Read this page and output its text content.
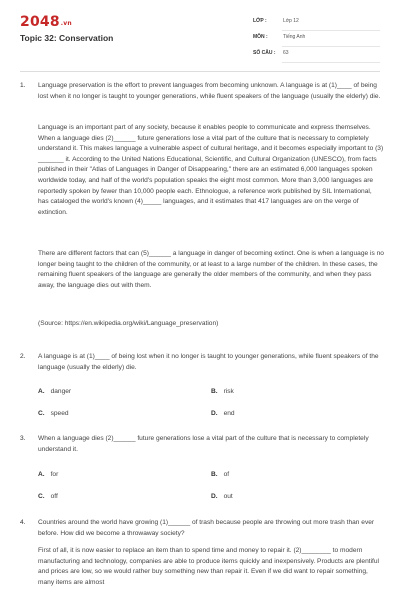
2048.vn
Topic 32: Conservation
LỚP :	Lớp 12
MÔN :	Tiếng Anh
SỐ CÂU : 63
1. Language preservation is the effort to prevent languages from becoming unknown. A language is at (1)____ of being lost when it no longer is taught to younger generations, while fluent speakers of the language (usually the elderly) die.

Language is an important part of any society, because it enables people to communicate and express themselves. When a language dies (2)______ future generations lose a vital part of the culture that is necessary to completely understand it. This makes language a vulnerable aspect of cultural heritage, and it becomes especially important to (3) _______ it. According to the United Nations Educational, Scientific, and Cultural Organization (UNESCO), from facts published in their "Atlas of Languages in Danger of Disappearing," there are an estimated 6,000 languages spoken worldwide today, and half of the world's population speaks the eight most common. More than 3,000 languages are reportedly spoken by fewer than 10,000 people each. Ethnologue, a reference work published by SIL International, has cataloged the world's known (4)_____ languages, and it estimates that 417 languages are on the verge of extinction.

There are different factors that can (5)______ a language in danger of becoming extinct. One is when a language is no longer being taught to the children of the community, or at least to a large number of the children. In these cases, the remaining fluent speakers of the language are generally the older members of the community, and when they pass away, the language dies out with them.

(Source: https://en.wikipedia.org/wiki/Language_preservation)

2. A language is at (1)____ of being lost when it no longer is taught to younger generations, while fluent speakers of the language (usually the elderly) die.

A. danger	B. risk
C. speed	D. end
3. When a language dies (2)______ future generations lose a vital part of the culture that is necessary to completely understand it.

A. for	B. of
C. off	D. out
4. Countries around the world have growing (1)______ of trash because people are throwing out more trash than ever before. How did we become a throwaway society?

First of all, it is now easier to replace an item than to spend time and money to repair it. (2)________ to modern manufacturing and technology, companies are able to produce items quickly and inexpensively. Products are plentiful and prices are low, so we would rather buy something new than repair it. Even if we did want to repair something, many items are almost
